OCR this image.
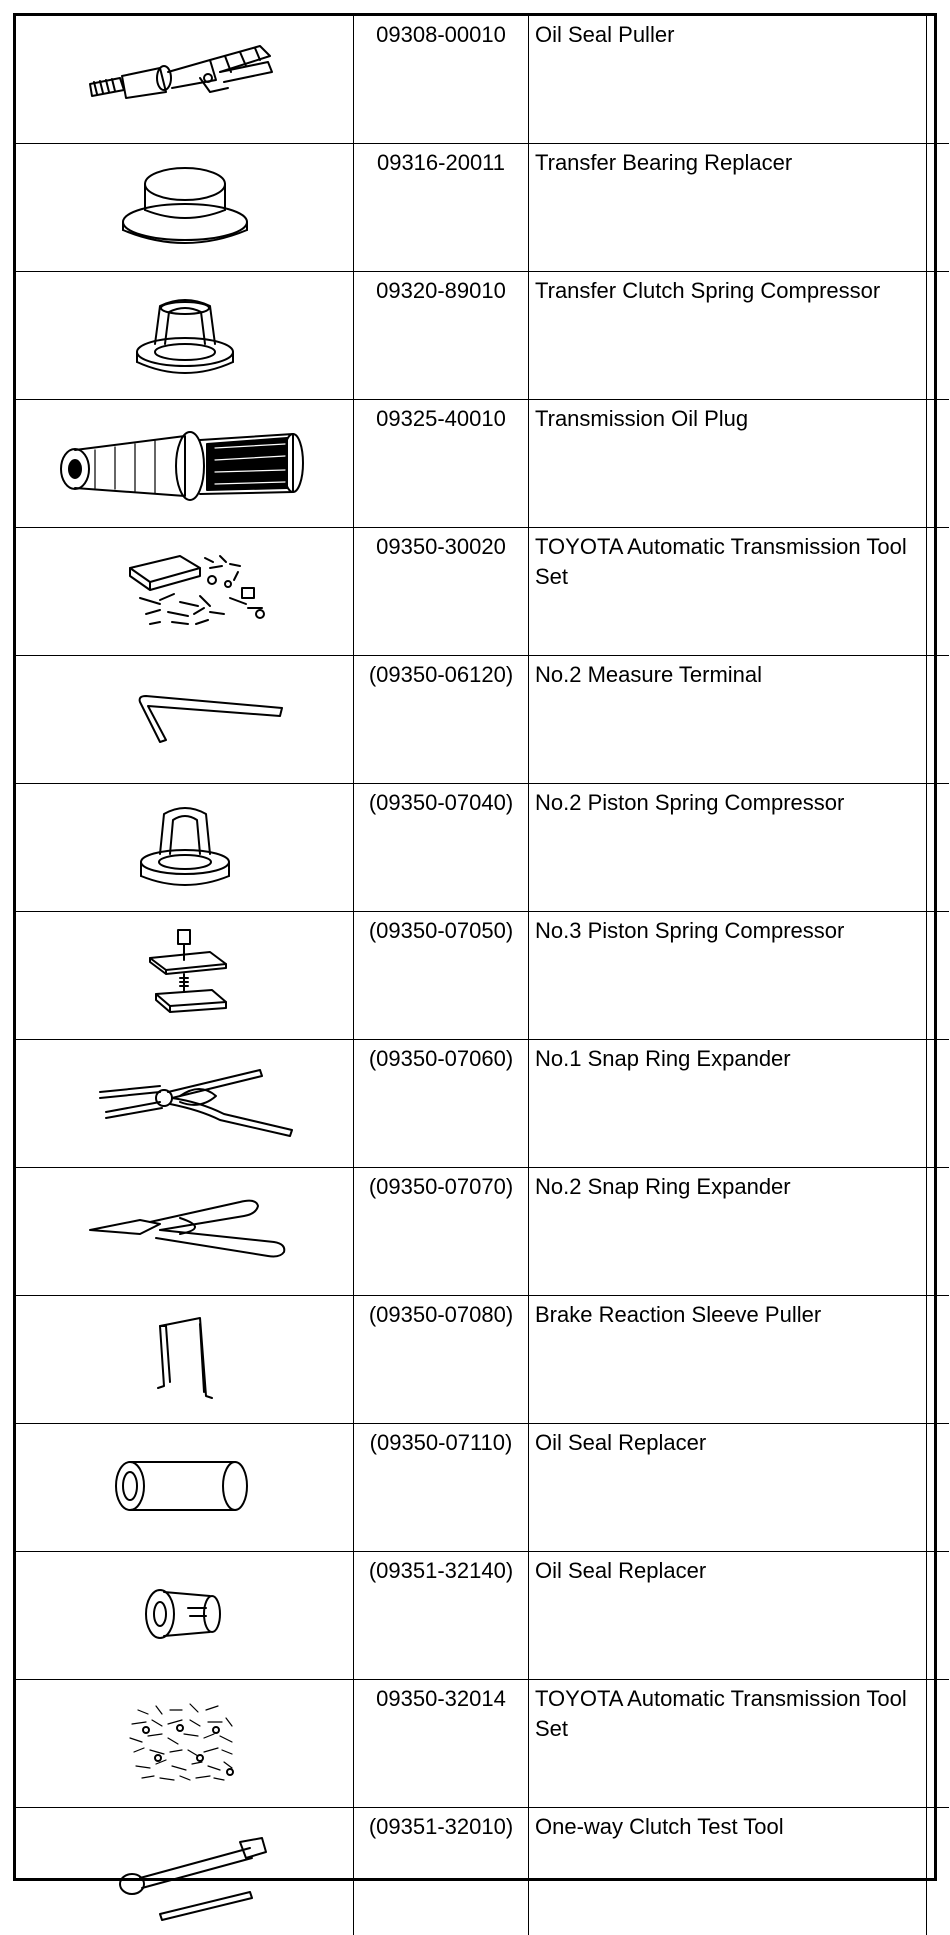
	09308-00010	Oil Seal Puller	

	09316-20011	Transfer Bearing Replacer	

	09320-89010	Transfer Clutch Spring Compressor	

	09325-40010	Transmission Oil Plug	

	09350-30020	TOYOTA Automatic Transmission Tool Set	

	(09350-06120)	No.2 Measure Terminal	

	(09350-07040)	No.2 Piston Spring Compressor	

	(09350-07050)	No.3 Piston Spring Compressor	

	(09350-07060)	No.1 Snap Ring Expander	

	(09350-07070)	No.2 Snap Ring Expander	

	(09350-07080)	Brake Reaction Sleeve Puller	

	(09350-07110)	Oil Seal Replacer	

	(09351-32140)	Oil Seal Replacer	

	09350-32014	TOYOTA Automatic Transmission Tool Set	

	(09351-32010)	One-way Clutch Test Tool	
